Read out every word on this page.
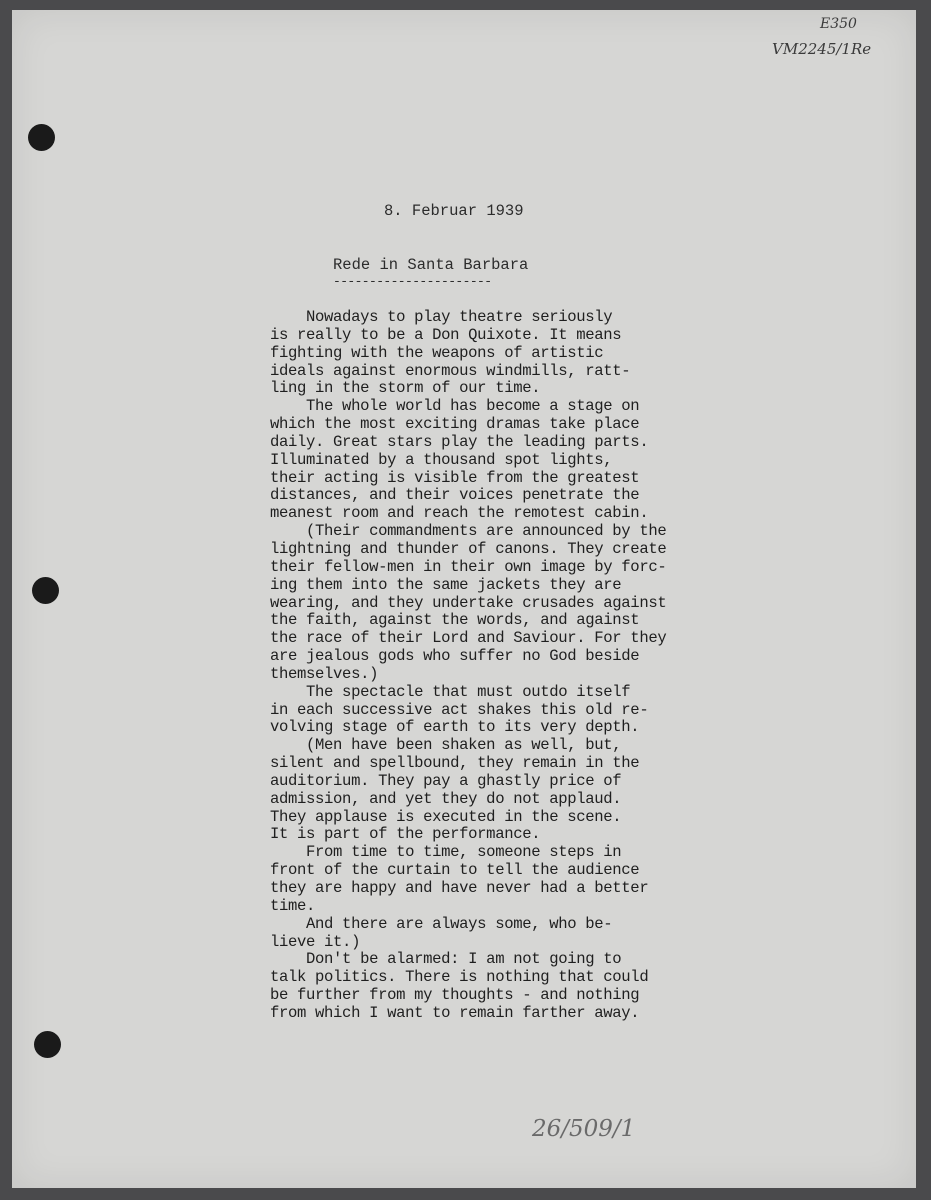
E350
VM2245/1Re
26/509/1
8. Februar 1939
Rede in Santa Barbara
----------------------
Nowadays to play theatre seriously
is really to be a Don Quixote. It means
fighting with the weapons of artistic
ideals against enormous windmills, ratt-
ling in the storm of our time.
The whole world has become a stage on
which the most exciting dramas take place
daily. Great stars play the leading parts.
Illuminated by a thousand spot lights,
their acting is visible from the greatest
distances, and their voices penetrate the
meanest room and reach the remotest cabin.
(Their commandments are announced by the
lightning and thunder of canons. They create
their fellow-men in their own image by forc-
ing them into the same jackets they are
wearing, and they undertake crusades against
the faith, against the words, and against
the race of their Lord and Saviour. For they
are jealous gods who suffer no God beside
themselves.)
The spectacle that must outdo itself
in each successive act shakes this old re-
volving stage of earth to its very depth.
(Men have been shaken as well, but,
silent and spellbound, they remain in the
auditorium. They pay a ghastly price of
admission, and yet they do not applaud.
They applause is executed in the scene.
It is part of the performance.
From time to time, someone steps in
front of the curtain to tell the audience
they are happy and have never had a better
time.
And there are always some, who be-
lieve it.)
Don't be alarmed: I am not going to
talk politics. There is nothing that could
be further from my thoughts - and nothing
from which I want to remain farther away.
